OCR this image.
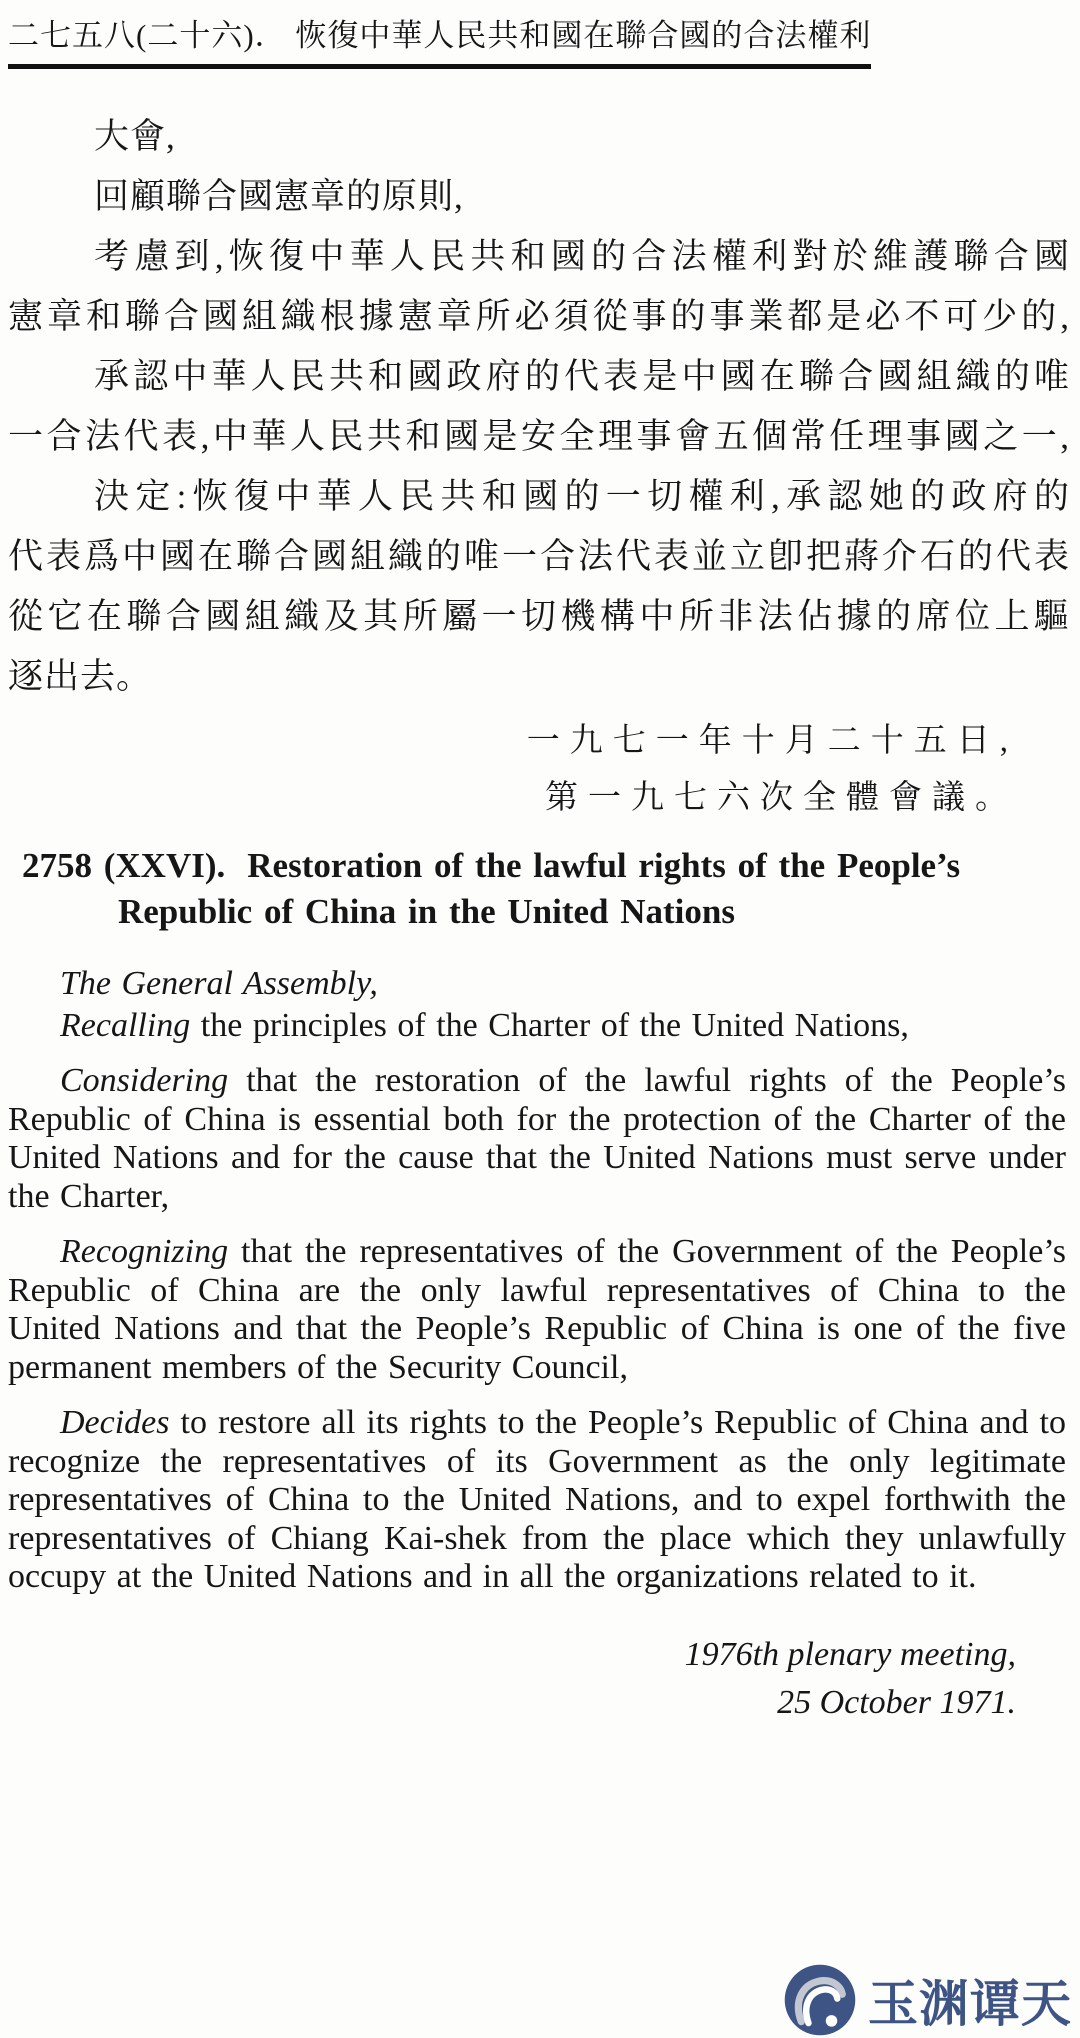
二七五八(二十六)． 恢復中華人民共和國在聯合國的合法權利
大會,
回顧聯合國憲章的原則,
考慮到,恢復中華人民共和國的合法權利對於維護聯合國
憲章和聯合國組織根據憲章所必須從事的事業都是必不可少的,
承認中華人民共和國政府的代表是中國在聯合國組織的唯
一合法代表,中華人民共和國是安全理事會五個常任理事國之一,
決定:恢復中華人民共和國的一切權利,承認她的政府的
代表爲中國在聯合國組織的唯一合法代表並立卽把蔣介石的代表
從它在聯合國組織及其所屬一切機構中所非法佔據的席位上驅
逐出去。
一九七一年十月二十五日,
第一九七六次全體會議。
2758 (XXVI). Restoration of the lawful rights of the People’s Republic of China in the United Nations

The General Assembly,

Recalling the principles of the Charter of the United Nations,

Considering that the restoration of the lawful rights of the People’s Republic of China is essential both for the protection of the Charter of the United Nations and for the cause that the United Nations must serve under the Charter,

Recognizing that the representatives of the Government of the People’s Republic of China are the only lawful representatives of China to the United Nations and that the People’s Republic of China is one of the five permanent members of the Security Council,

Decides to restore all its rights to the People’s Republic of China and to recognize the representatives of its Government as the only legitimate representatives of China to the United Nations, and to expel forthwith the representatives of Chiang Kai-shek from the place which they unlawfully occupy at the United Nations and in all the organizations related to it.

1976th plenary meeting,
25 October 1971.
玉渊谭天
